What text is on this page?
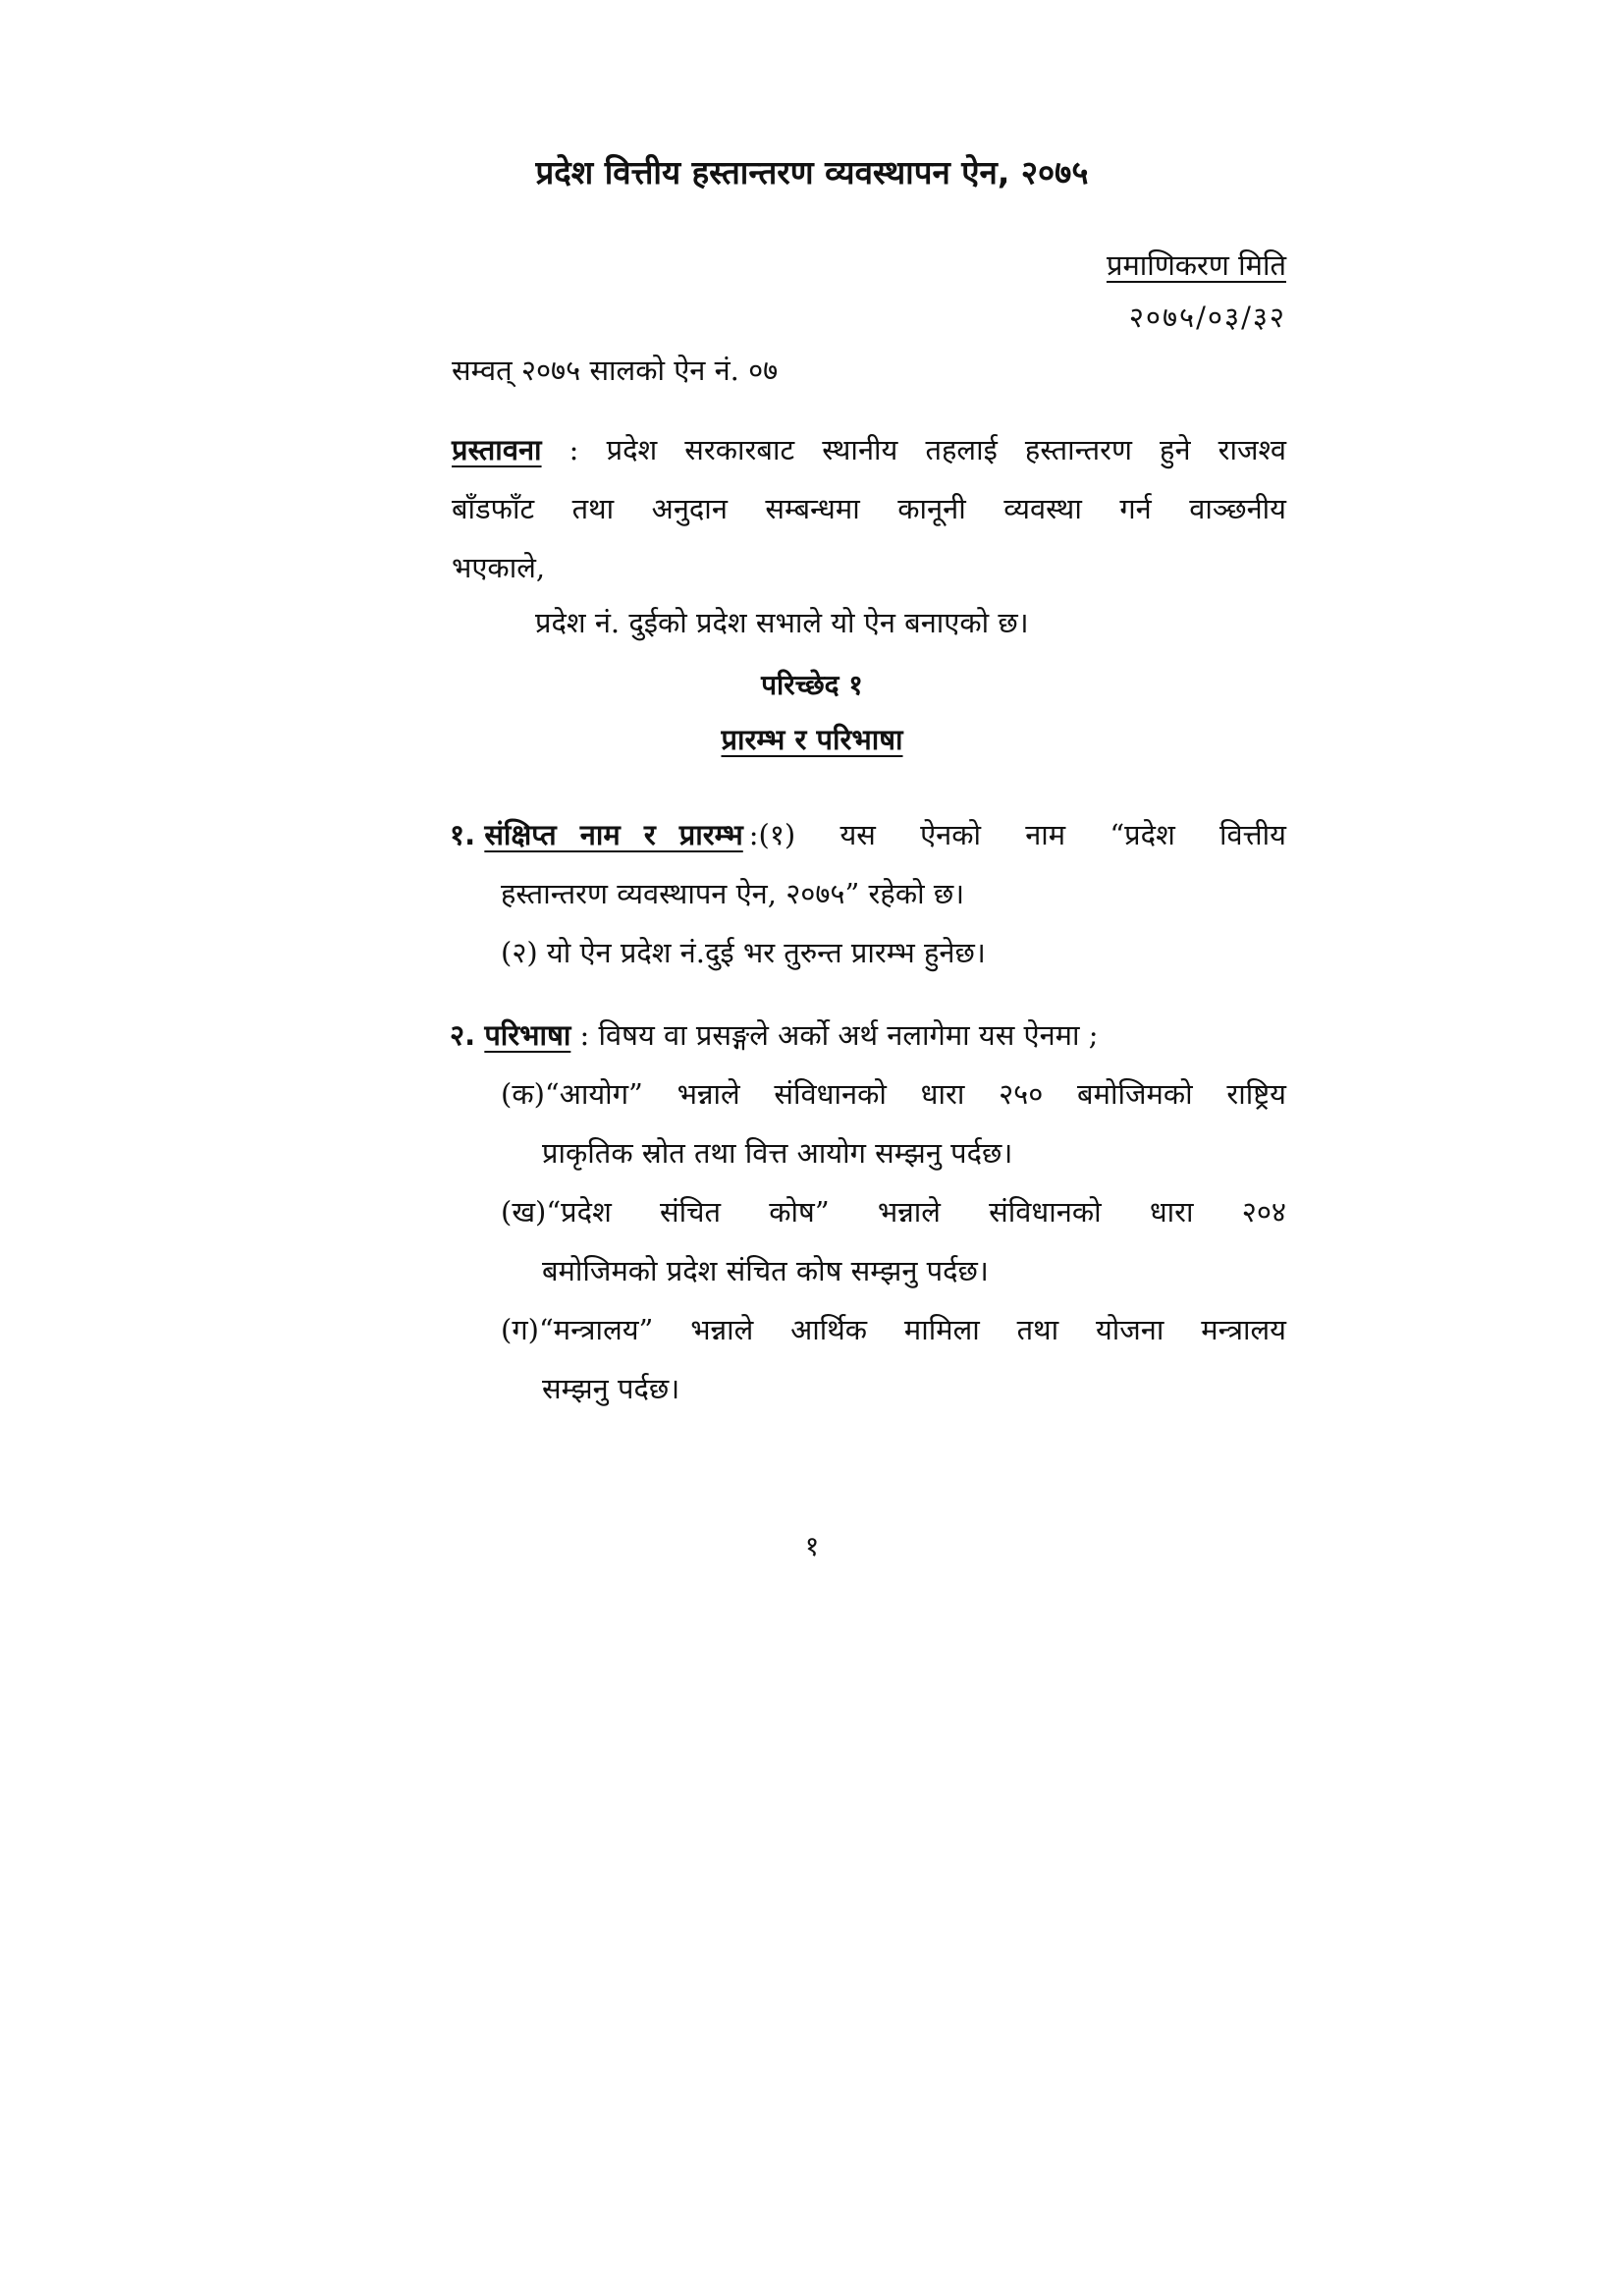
प्रदेश वित्तीय हस्तान्तरण व्यवस्थापन ऐन, २०७५
प्रमाणिकरण मिति
२०७५/०३/३२
सम्वत् २०७५ सालको ऐन नं. ०७
प्रस्तावना : प्रदेश सरकारबाट स्थानीय तहलाई हस्तान्तरण हुने राजश्व
बाँडफाँट तथा अनुदान सम्बन्धमा कानूनी व्यवस्था गर्न वाञ्छनीय
भएकाले,
प्रदेश नं. दुईको प्रदेश सभाले यो ऐन बनाएको छ।
परिच्छेद १
प्रारम्भ र परिभाषा
१. संक्षिप्त नाम र प्रारम्भ :(१) यस ऐनको नाम “प्रदेश वित्तीय
हस्तान्तरण व्यवस्थापन ऐन, २०७५” रहेको छ।
(२) यो ऐन प्रदेश नं.दुई भर तुरुन्त प्रारम्भ हुनेछ।
२. परिभाषा : विषय वा प्रसङ्गले अर्को अर्थ नलागेमा यस ऐनमा ;
(क)“आयोग” भन्नाले संविधानको धारा २५० बमोजिमको राष्ट्रिय
प्राकृतिक स्रोत तथा वित्त आयोग सम्झनु पर्दछ।
(ख)“प्रदेश संचित कोष” भन्नाले संविधानको धारा २०४
बमोजिमको प्रदेश संचित कोष सम्झनु पर्दछ।
(ग)“मन्त्रालय” भन्नाले आर्थिक मामिला तथा योजना मन्त्रालय
सम्झनु पर्दछ।
१
